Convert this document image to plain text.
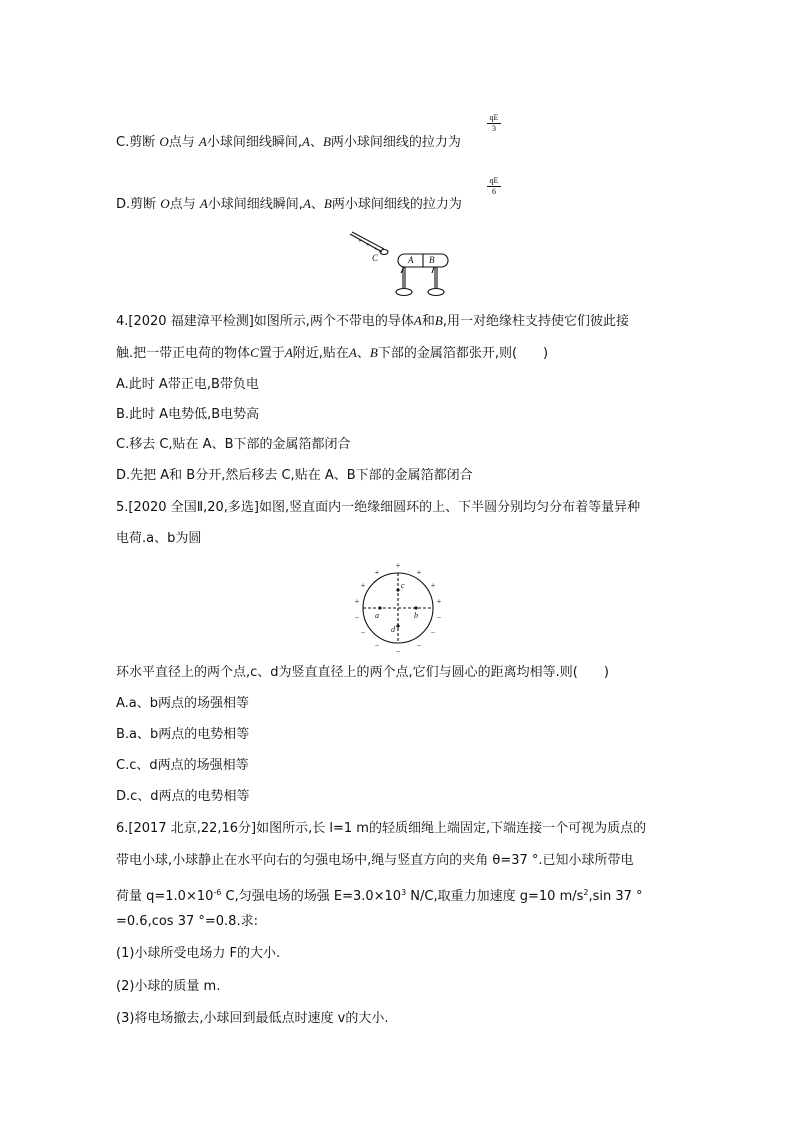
C.剪断 O点与 A小球间细线瞬间,A、B两小球间细线的拉力为
$\frac{qE}{3}$
D.剪断 O点与 A小球间细线瞬间,A、B两小球间细线的拉力为
$\frac{qE}{6}$
+ + +
C	A B
4.[2020 福建漳平检测]如图所示,两个不带电的导体A和B,用一对绝缘柱支持使它们彼此接
触.把一带正电荷的物体C置于A附近,贴在A、B下部的金属箔都张开,则(　　)
A.此时 A带正电,B带负电
B.此时 A电势低,B电势高
C.移去 C,贴在 A、B下部的金属箔都闭合
D.先把 A和 B分开,然后移去 C,贴在 A、B下部的金属箔都闭合
5.[2020 全国Ⅱ,20,多选]如图,竖直面内一绝缘细圆环的上、下半圆分别均匀分布着等量异种
电荷.a、b为圆
a	b
c
d
+
+	+
+	+
+	+
−	−
−	−
−	−
−
环水平直径上的两个点,c、d为竖直直径上的两个点,它们与圆心的距离均相等.则(　　)
A.a、b两点的场强相等
B.a、b两点的电势相等
C.c、d两点的场强相等
D.c、d两点的电势相等
6.[2017 北京,22,16分]如图所示,长 l=1 m的轻质细绳上端固定,下端连接一个可视为质点的
带电小球,小球静止在水平向右的匀强电场中,绳与竖直方向的夹角 θ=37 °.已知小球所带电
荷量 $q=1.0\times 10^{-6}$ C,匀强电场的场强 $E=3.0\times 10^3$ N/C,取重力加速度 g=10 $m/s^2,\sin$ 37 °
=0.6,cos 37 °=0.8.求:
(1)小球所受电场力 F的大小.
(2)小球的质量 m.
(3)将电场撤去,小球回到最低点时速度 v的大小.
